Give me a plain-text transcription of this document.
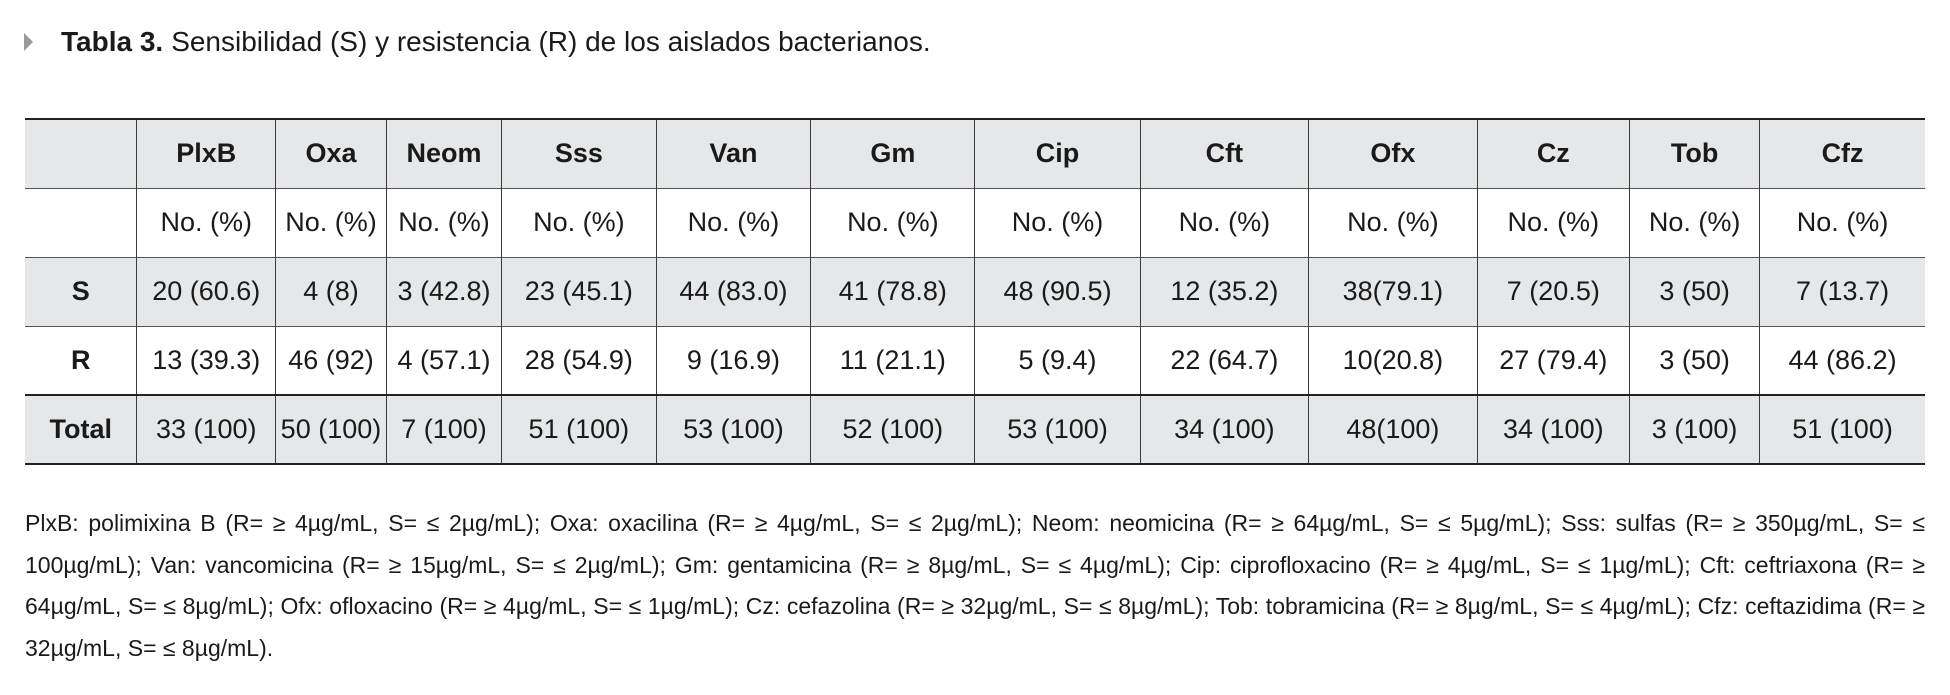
Tabla 3. Sensibilidad (S) y resistencia (R) de los aislados bacterianos.
	PlxB	Oxa	Neom	Sss	Van	Gm	Cip	Cft	Ofx	Cz	Tob	Cfz
	No. (%)	No. (%)	No. (%)	No. (%)	No. (%)	No. (%)	No. (%)	No. (%)	No. (%)	No. (%)	No. (%)	No. (%)
S	20 (60.6)	4 (8)	3 (42.8)	23 (45.1)	44 (83.0)	41 (78.8)	48 (90.5)	12 (35.2)	38(79.1)	7 (20.5)	3 (50)	7 (13.7)
R	13 (39.3)	46 (92)	4 (57.1)	28 (54.9)	9 (16.9)	11 (21.1)	5 (9.4)	22 (64.7)	10(20.8)	27 (79.4)	3 (50)	44 (86.2)
Total	33 (100)	50 (100)	7 (100)	51 (100)	53 (100)	52 (100)	53 (100)	34 (100)	48(100)	34 (100)	3 (100)	51 (100)
PlxB: polimixina B (R= ≥ 4µg/mL, S= ≤ 2µg/mL); Oxa: oxacilina (R= ≥ 4µg/mL, S= ≤ 2µg/mL); Neom: neomicina (R= ≥ 64µg/mL, S= ≤ 5µg/mL); Sss: sulfas (R= ≥ 350µg/mL, S= ≤ 100µg/mL); Van: vancomicina (R= ≥ 15µg/mL, S= ≤ 2µg/mL); Gm: gentamicina (R= ≥ 8µg/mL, S= ≤ 4µg/mL); Cip: ciprofloxacino (R= ≥ 4µg/mL, S= ≤ 1µg/mL); Cft: ceftriaxona (R= ≥ 64µg/mL, S= ≤ 8µg/mL); Ofx: ofloxacino (R= ≥ 4µg/mL, S= ≤ 1µg/mL); Cz: cefazolina (R= ≥ 32µg/mL, S= ≤ 8µg/mL); Tob: tobramicina (R= ≥ 8µg/mL, S= ≤ 4µg/mL); Cfz: ceftazidima (R= ≥ 32µg/mL, S= ≤ 8µg/mL).
